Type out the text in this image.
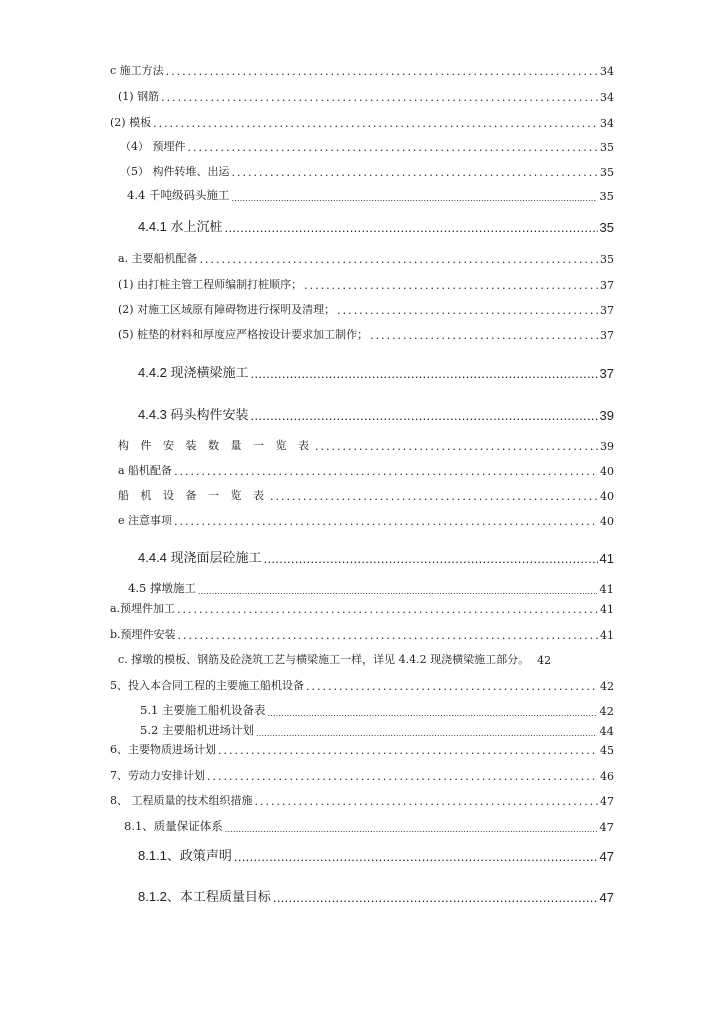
c 施工方法 .....	34
(1) 钢筋 .....	34
(2) 模板 .....	34
（4） 预埋件 .....	35
（5） 构件转堆、出运 .....	35
4.4 千吨级码头施工 .....	35
4.4.1 水上沉桩 .....	35
a. 主要船机配备 .....	35
(1) 由打桩主管工程师编制打桩顺序； .....	37
(2) 对施工区域原有障碍物进行探明及清理； .....	37
(5) 桩垫的材料和厚度应严格按设计要求加工制作； .....	37
4.4.2 现浇横梁施工 .....	37
4.4.3 码头构件安装 .....	39
构 件 安 装 数 量 一 览 表 .....	39
a 船机配备 .....	40
船 机 设 备 一 览 表 .....	40
e 注意事项 .....	40
4.4.4 现浇面层砼施工 .....	41
4.5 撑墩施工 .....	41
a.预埋件加工 .....	41
b.预埋件安装 .....	41
c. 撑墩的模板、钢筋及砼浇筑工艺与横梁施工一样，详见 4.4.2 现浇横梁施工部分。 42
5、投入本合同工程的主要施工船机设备 .....	42
5.1 主要施工船机设备表 .....	42
5.2 主要船机进场计划 .....	44
6、主要物质进场计划 .....	45
7、劳动力安排计划 .....	46
8、 工程质量的技术组织措施 .....	47
8.1、质量保证体系 .....	47
8.1.1、政策声明 .....	47
8.1.2、本工程质量目标 .....	47
